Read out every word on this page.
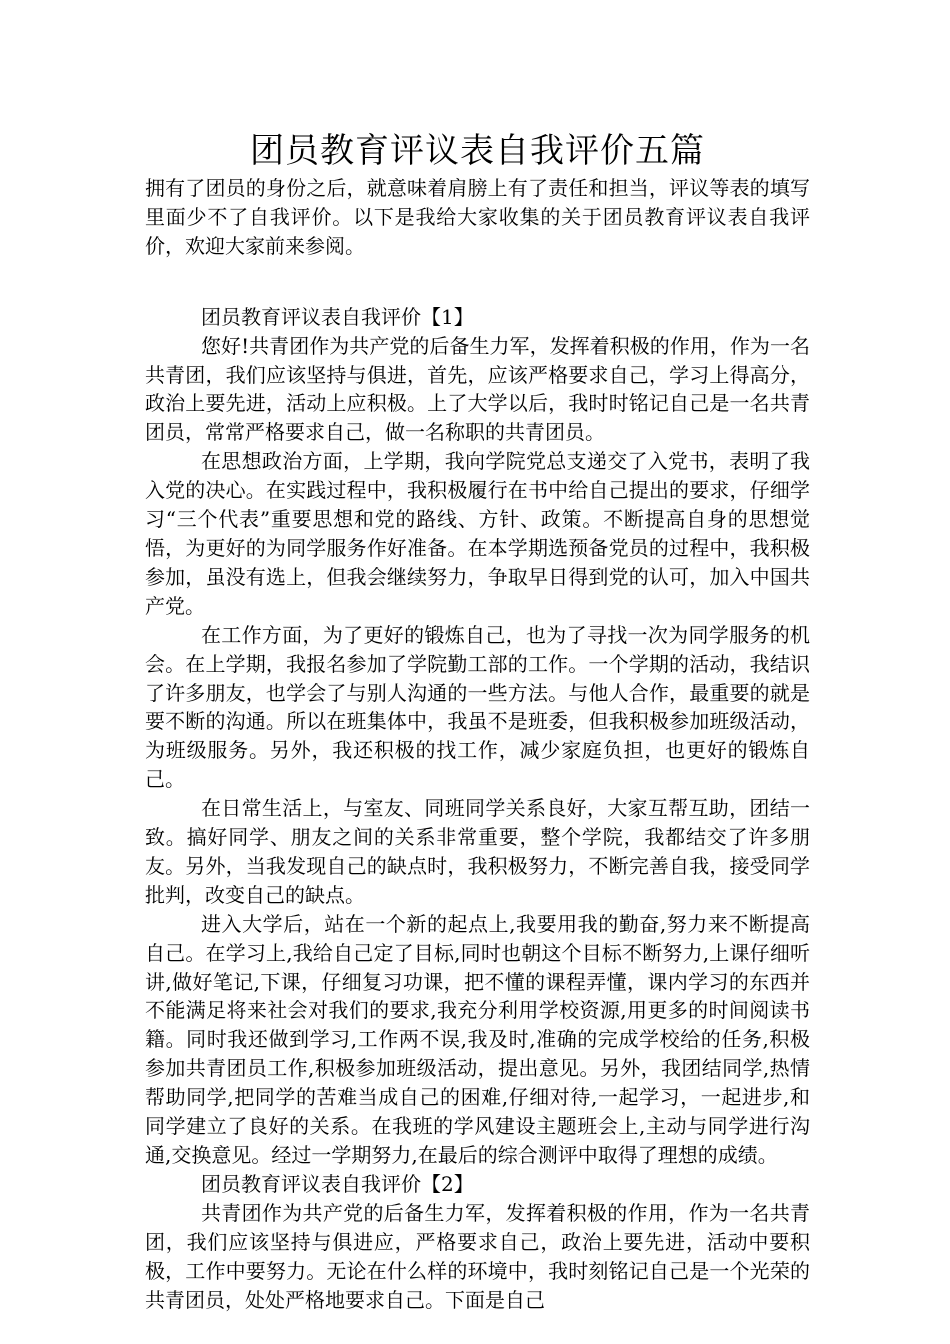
团员教育评议表自我评价五篇

拥有了团员的身份之后，就意味着肩膀上有了责任和担当，评议等表的填写里面少不了自我评价。以下是我给大家收集的关于团员教育评议表自我评价，欢迎大家前来参阅。

团员教育评议表自我评价【1】

您好!共青团作为共产党的后备生力军，发挥着积极的作用，作为一名共青团，我们应该坚持与俱进，首先，应该严格要求自己，学习上得高分，政治上要先进，活动上应积极。上了大学以后，我时时铭记自己是一名共青团员，常常严格要求自己，做一名称职的共青团员。

在思想政治方面，上学期，我向学院党总支递交了入党书，表明了我入党的决心。在实践过程中，我积极履行在书中给自己提出的要求，仔细学习“三个代表”重要思想和党的路线、方针、政策。不断提高自身的思想觉悟，为更好的为同学服务作好准备。在本学期选预备党员的过程中，我积极参加，虽没有选上，但我会继续努力，争取早日得到党的认可，加入中国共产党。

在工作方面，为了更好的锻炼自己，也为了寻找一次为同学服务的机会。在上学期，我报名参加了学院勤工部的工作。一个学期的活动，我结识了许多朋友，也学会了与别人沟通的一些方法。与他人合作，最重要的就是要不断的沟通。所以在班集体中，我虽不是班委，但我积极参加班级活动，为班级服务。另外，我还积极的找工作，减少家庭负担，也更好的锻炼自己。

在日常生活上，与室友、同班同学关系良好，大家互帮互助，团结一致。搞好同学、朋友之间的关系非常重要，整个学院，我都结交了许多朋友。另外，当我发现自己的缺点时，我积极努力，不断完善自我，接受同学批判，改变自己的缺点。

进入大学后，站在一个新的起点上,我要用我的勤奋,努力来不断提高自己。在学习上,我给自己定了目标,同时也朝这个目标不断努力,上课仔细听讲,做好笔记,下课，仔细复习功课，把不懂的课程弄懂，课内学习的东西并不能满足将来社会对我们的要求,我充分利用学校资源,用更多的时间阅读书籍。同时我还做到学习,工作两不误,我及时,准确的完成学校给的任务,积极参加共青团员工作,积极参加班级活动，提出意见。另外，我团结同学,热情帮助同学,把同学的苦难当成自己的困难,仔细对待,一起学习，一起进步,和同学建立了良好的关系。在我班的学风建设主题班会上,主动与同学进行沟通,交换意见。经过一学期努力,在最后的综合测评中取得了理想的成绩。

团员教育评议表自我评价【2】

共青团作为共产党的后备生力军，发挥着积极的作用，作为一名共青团，我们应该坚持与俱进应，严格要求自己，政治上要先进，活动中要积极，工作中要努力。无论在什么样的环境中，我时刻铭记自己是一个光荣的共青团员，处处严格地要求自己。下面是自己
